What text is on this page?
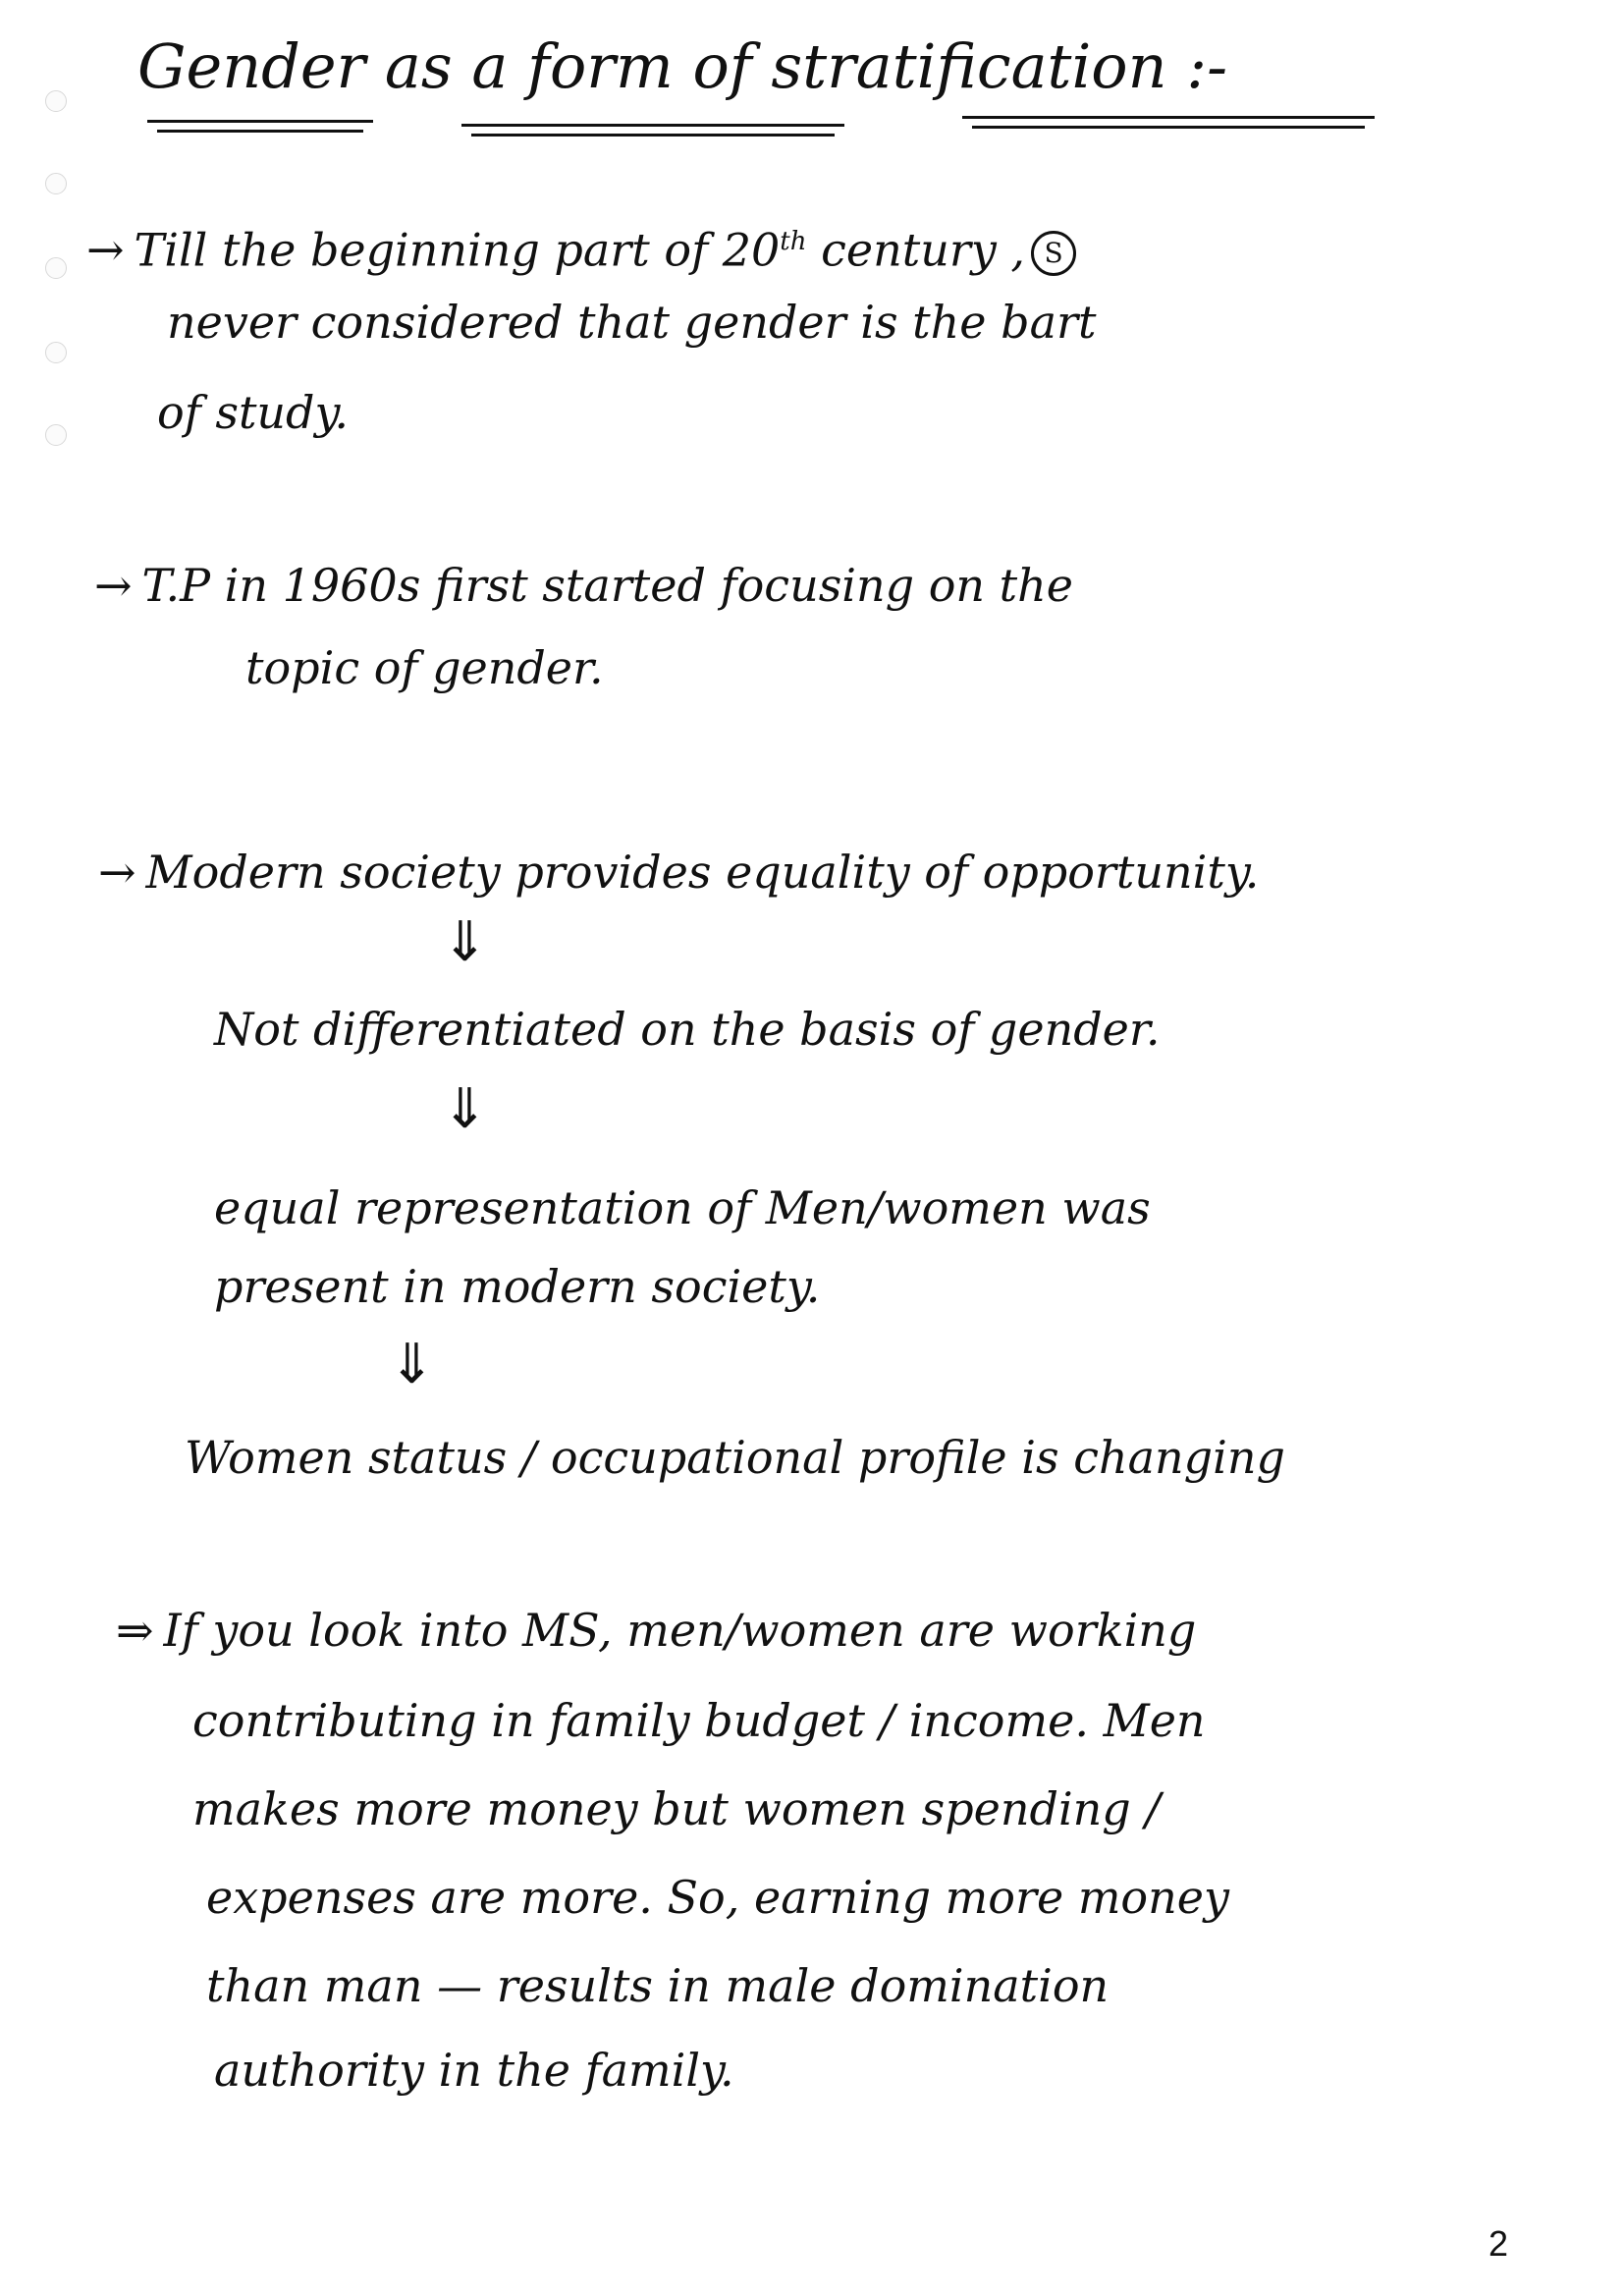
Gender as a form of stratification :-
→ Till the beginning part of 20th century , S
never considered that gender is the bart
of study.
→ T.P in 1960s first started focusing on the
topic of gender.
→ Modern society provides equality of opportunity.
⇓
Not differentiated on the basis of gender.
⇓
equal representation of Men/women was
present in modern society.
⇓
Women status / occupational profile is changing
⇒ If you look into MS, men/women are working
contributing in family budget / income. Men
makes more money but women spending /
expenses are more. So, earning more money
than man — results in male domination
authority in the family.
2
